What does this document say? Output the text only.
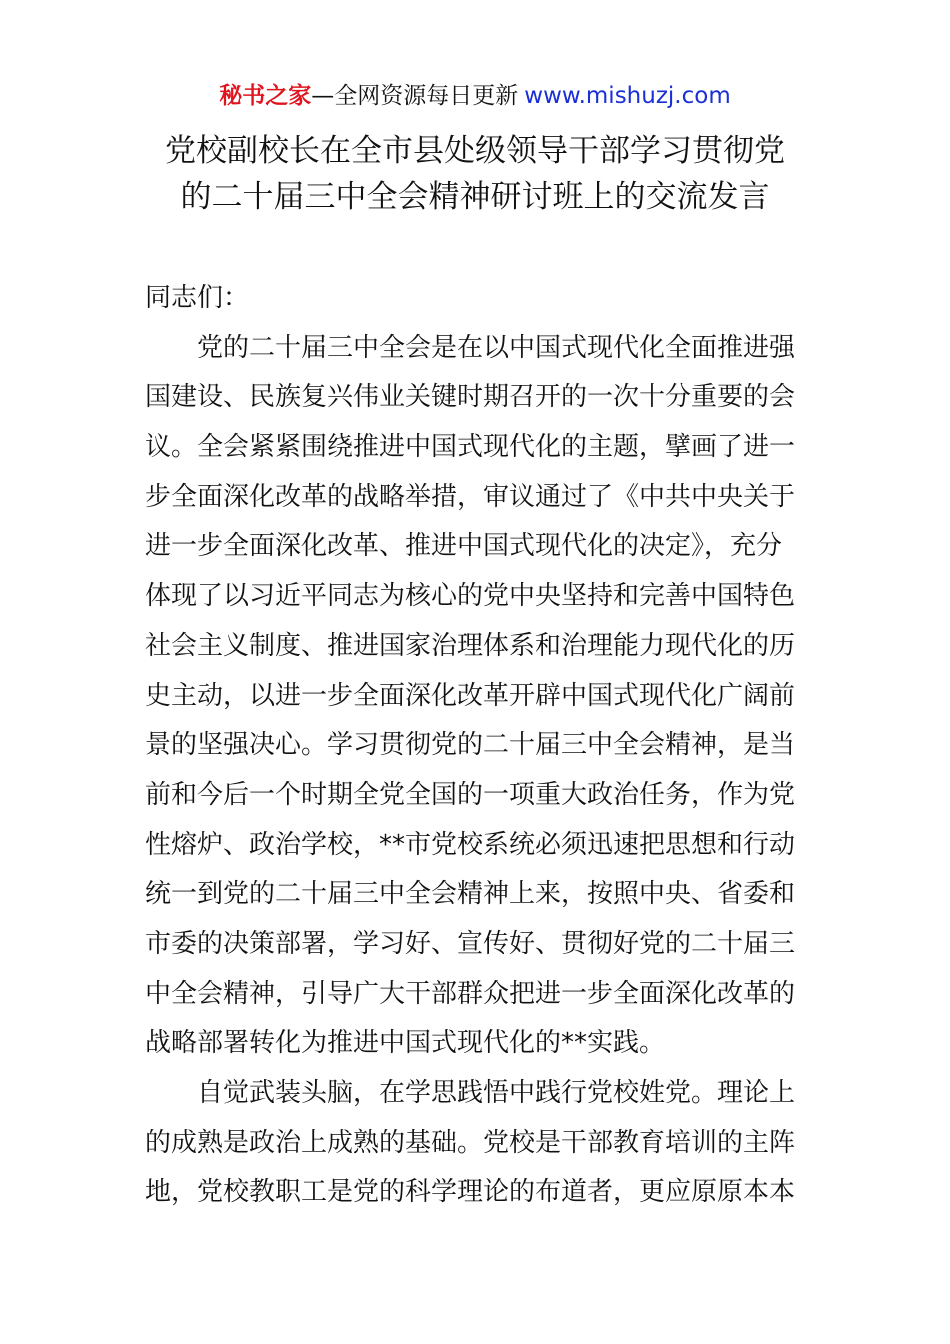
秘书之家—全网资源每日更新 www.mishuzj.com
党校副校长在全市县处级领导干部学习贯彻党
的二十届三中全会精神研讨班上的交流发言
同志们：
党的二十届三中全会是在以中国式现代化全面推进强
国建设、民族复兴伟业关键时期召开的一次十分重要的会
议。全会紧紧围绕推进中国式现代化的主题，擘画了进一
步全面深化改革的战略举措，审议通过了《中共中央关于
进一步全面深化改革、推进中国式现代化的决定》，充分
体现了以习近平同志为核心的党中央坚持和完善中国特色
社会主义制度、推进国家治理体系和治理能力现代化的历
史主动，以进一步全面深化改革开辟中国式现代化广阔前
景的坚强决心。学习贯彻党的二十届三中全会精神，是当
前和今后一个时期全党全国的一项重大政治任务，作为党
性熔炉、政治学校，**市党校系统必须迅速把思想和行动
统一到党的二十届三中全会精神上来，按照中央、省委和
市委的决策部署，学习好、宣传好、贯彻好党的二十届三
中全会精神，引导广大干部群众把进一步全面深化改革的
战略部署转化为推进中国式现代化的**实践。
自觉武装头脑，在学思践悟中践行党校姓党。理论上
的成熟是政治上成熟的基础。党校是干部教育培训的主阵
地，党校教职工是党的科学理论的布道者，更应原原本本
